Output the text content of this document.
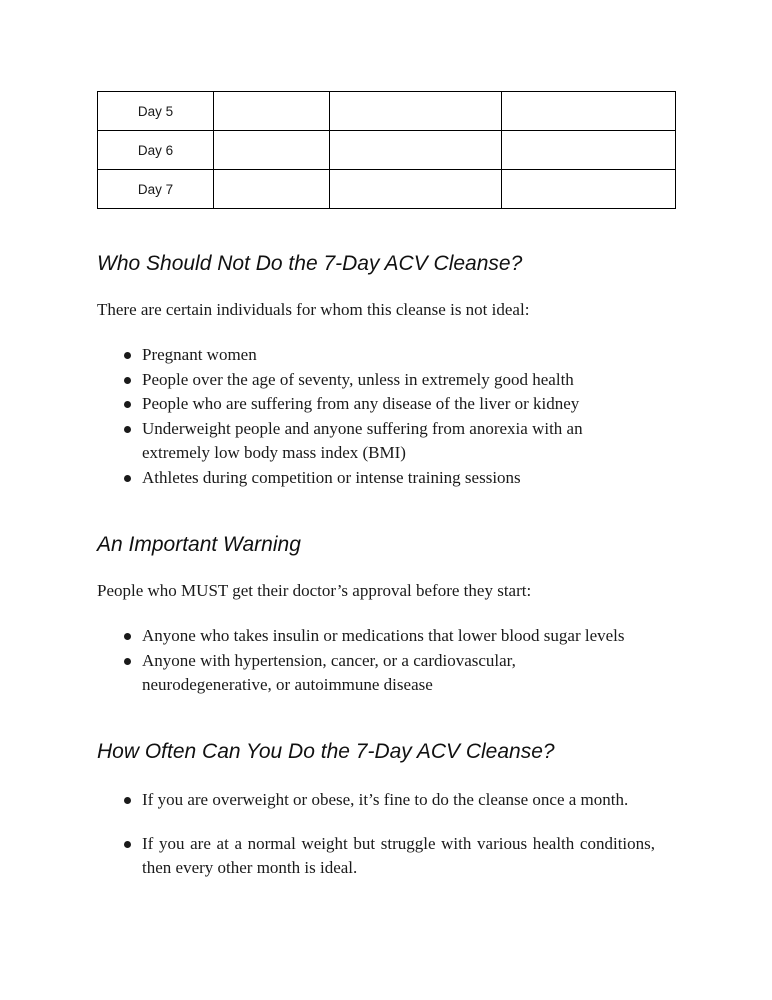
Day 5			
Day 6			
Day 7			
Who Should Not Do the 7-Day ACV Cleanse?

There are certain individuals for whom this cleanse is not ideal:

Pregnant women
People over the age of seventy, unless in extremely good health
People who are suffering from any disease of the liver or kidney
Underweight people and anyone suffering from anorexia with an extremely low body mass index (BMI)
Athletes during competition or intense training sessions
An Important Warning

People who MUST get their doctor’s approval before they start:

Anyone who takes insulin or medications that lower blood sugar levels
Anyone with hypertension, cancer, or a cardiovascular, neurodegenerative, or autoimmune disease
How Often Can You Do the 7-Day ACV Cleanse?
If you are overweight or obese, it’s fine to do the cleanse once a month.
If you are at a normal weight but struggle with various health conditions, then every other month is ideal.
